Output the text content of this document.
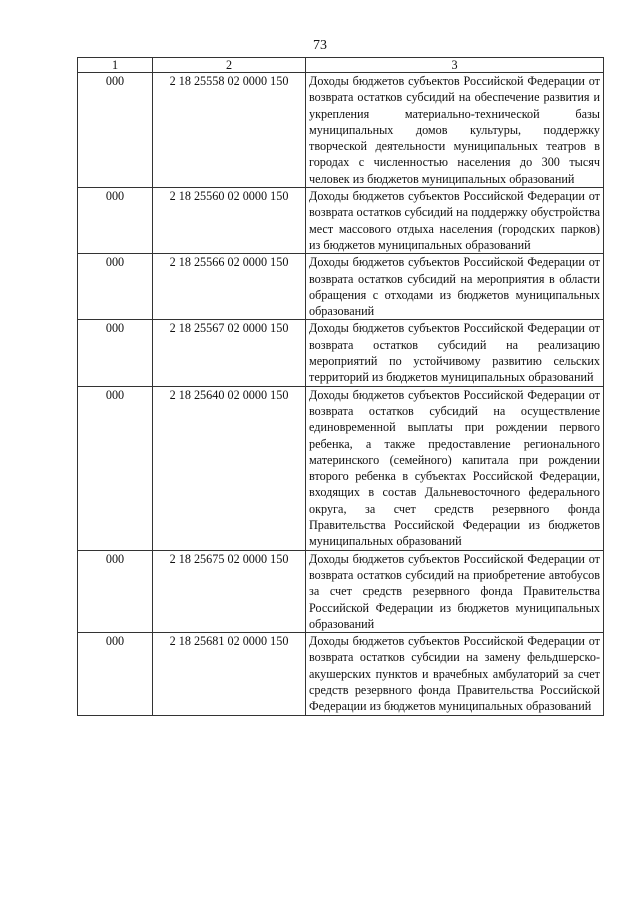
73
1	2	3
000	2 18 25558 02 0000 150	Доходы бюджетов субъектов Российской Федерации от возврата остатков субсидий на обеспечение развития и укрепления материально-технической базы муниципальных домов культуры, поддержку творческой деятельности муниципальных театров в городах с численностью населения до 300 тысяч человек из бюджетов муниципальных образований
000	2 18 25560 02 0000 150	Доходы бюджетов субъектов Российской Федерации от возврата остатков субсидий на поддержку обустройства мест массового отдыха населения (городских парков) из бюджетов муниципальных образований
000	2 18 25566 02 0000 150	Доходы бюджетов субъектов Российской Федерации от возврата остатков субсидий на мероприятия в области обращения с отходами из бюджетов муниципальных образований
000	2 18 25567 02 0000 150	Доходы бюджетов субъектов Российской Федерации от возврата остатков субсидий на реализацию мероприятий по устойчивому развитию сельских территорий из бюджетов муниципальных образований
000	2 18 25640 02 0000 150	Доходы бюджетов субъектов Российской Федерации от возврата остатков субсидий на осуществление единовременной выплаты при рождении первого ребенка, а также предоставление регионального материнского (семейного) капитала при рождении второго ребенка в субъектах Российской Федерации, входящих в состав Дальневосточного федерального округа, за счет средств резервного фонда Правительства Российской Федерации из бюджетов муниципальных образований
000	2 18 25675 02 0000 150	Доходы бюджетов субъектов Российской Федерации от возврата остатков субсидий на приобретение автобусов за счет средств резервного фонда Правительства Российской Федерации из бюджетов муниципальных образований
000	2 18 25681 02 0000 150	Доходы бюджетов субъектов Российской Федерации от возврата остатков субсидии на замену фельдшерско-акушерских пунктов и врачебных амбулаторий за счет средств резервного фонда Правительства Российской Федерации из бюджетов муниципальных образований
